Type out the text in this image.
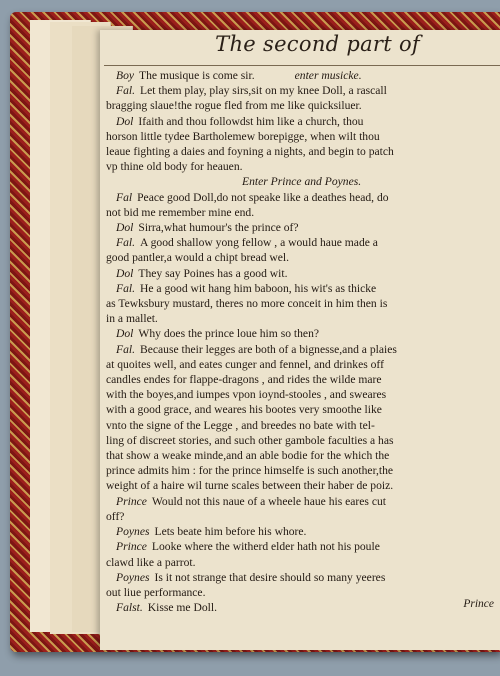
The second part of
Boy The musique is come sir.	enter musicke.
Fal. Let them play, play sirs,sit on my knee Doll, a rascall
bragging slaue!the rogue fled from me like quicksiluer.
Dol Ifaith and thou followdst him like a church, thou
horson little tydee Bartholemew borepigge, when wilt thou
leaue fighting a daies and foyning a nights, and begin to patch
vp thine old body for heauen.
Enter Prince and Poynes.
Fal Peace good Doll,do not speake like a deathes head, do
not bid me remember mine end.
Dol Sirra,what humour's the prince of?
Fal. A good shallow yong fellow , a would haue made a
good pantler,a would a chipt bread wel.
Dol They say Poines has a good wit.
Fal. He a good wit hang him baboon, his wit's as thicke
as Tewksbury mustard, theres no more conceit in him then is
in a mallet.
Dol Why does the prince loue him so then?
Fal. Because their legges are both of a bignesse,and a plaies
at quoites well, and eates cunger and fennel, and drinkes off
candles endes for flappe-dragons , and rides the wilde mare
with the boyes,and iumpes vpon ioynd-stooles , and sweares
with a good grace, and weares his bootes very smoothe like
vnto the signe of the Legge , and breedes no bate with tel-
ling of discreet stories, and such other gambole faculties a has
that show a weake minde,and an able bodie for the which the
prince admits him : for the prince himselfe is such another,the
weight of a haire wil turne scales between their haber de poiz.
Prince Would not this naue of a wheele haue his eares cut
off?
Poynes Lets beate him before his whore.
Prince Looke where the witherd elder hath not his poule
clawd like a parrot.
Poynes Is it not strange that desire should so many yeeres
out liue performance.
Falst. Kisse me Doll.	Prince
